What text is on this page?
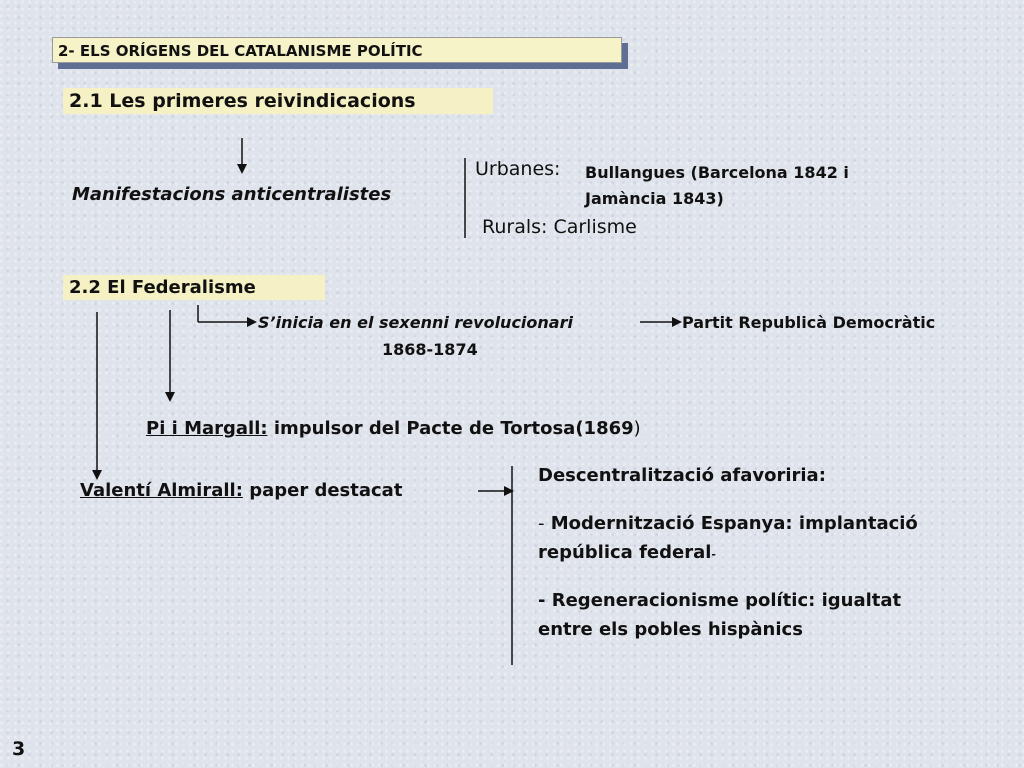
2- ELS ORÍGENS DEL CATALANISME POLÍTIC
2.1 Les primeres reivindicacions
Manifestacions anticentralistes
Urbanes: Bullangues (Barcelona 1842 i
Jamància 1843)
Rurals: Carlisme
2.2 El Federalisme
S’inicia en el sexenni revolucionari
1868-1874
Partit Republicà Democràtic
Pi i Margall: impulsor del Pacte de Tortosa(1869)
Valentí Almirall: paper destacat
Descentralització afavoriria:
- Modernització Espanya: implantació
república federal-
- Regeneracionisme polític: igualtat
entre els pobles hispànics
3
